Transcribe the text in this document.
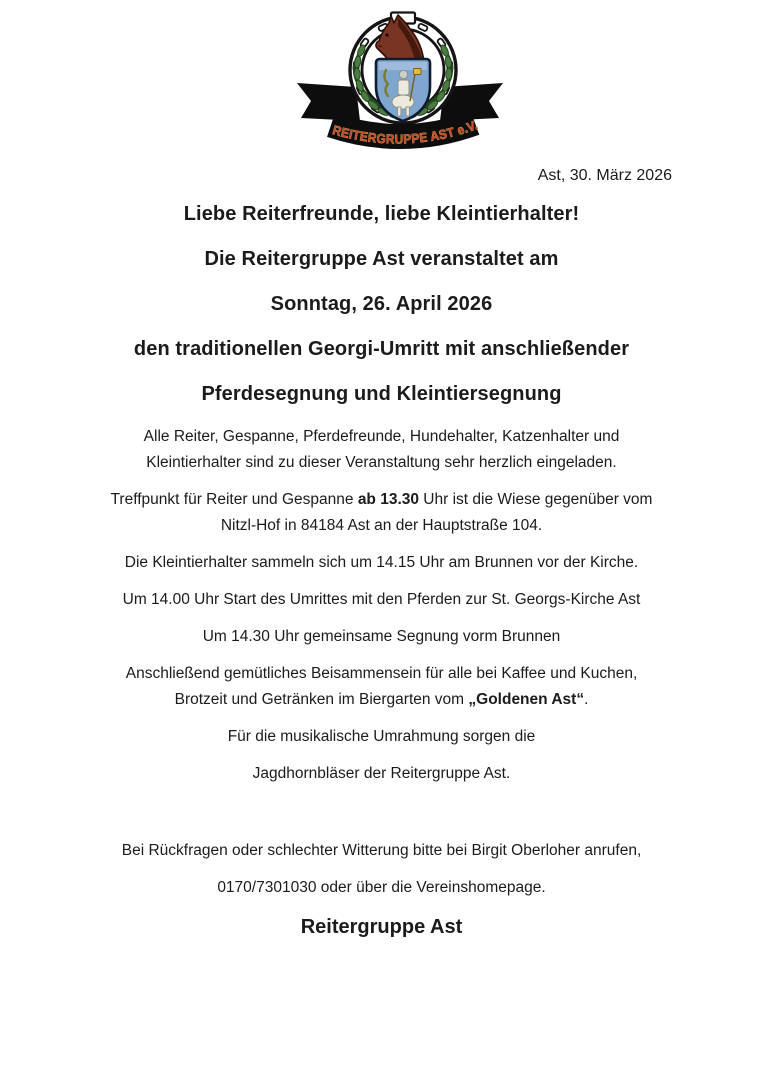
REITERGRUPPE AST e.V.
Ast, 30. März 2026
Liebe Reiterfreunde, liebe Kleintierhalter!
Die Reitergruppe Ast veranstaltet am
Sonntag, 26. April 2026
den traditionellen Georgi-Umritt mit anschließender
Pferdesegnung und Kleintiersegnung
Alle Reiter, Gespanne, Pferdefreunde, Hundehalter, Katzenhalter und
Kleintierhalter sind zu dieser Veranstaltung sehr herzlich eingeladen.
Treffpunkt für Reiter und Gespanne ab 13.30 Uhr ist die Wiese gegenüber vom
Nitzl-Hof in 84184 Ast an der Hauptstraße 104.
Die Kleintierhalter sammeln sich um 14.15 Uhr am Brunnen vor der Kirche.
Um 14.00 Uhr Start des Umrittes mit den Pferden zur St. Georgs-Kirche Ast
Um 14.30 Uhr gemeinsame Segnung vorm Brunnen
Anschließend gemütliches Beisammensein für alle bei Kaffee und Kuchen,
Brotzeit und Getränken im Biergarten vom „Goldenen Ast“.
Für die musikalische Umrahmung sorgen die
Jagdhornbläser der Reitergruppe Ast.
Bei Rückfragen oder schlechter Witterung bitte bei Birgit Oberloher anrufen,
0170/7301030 oder über die Vereinshomepage.
Reitergruppe Ast
